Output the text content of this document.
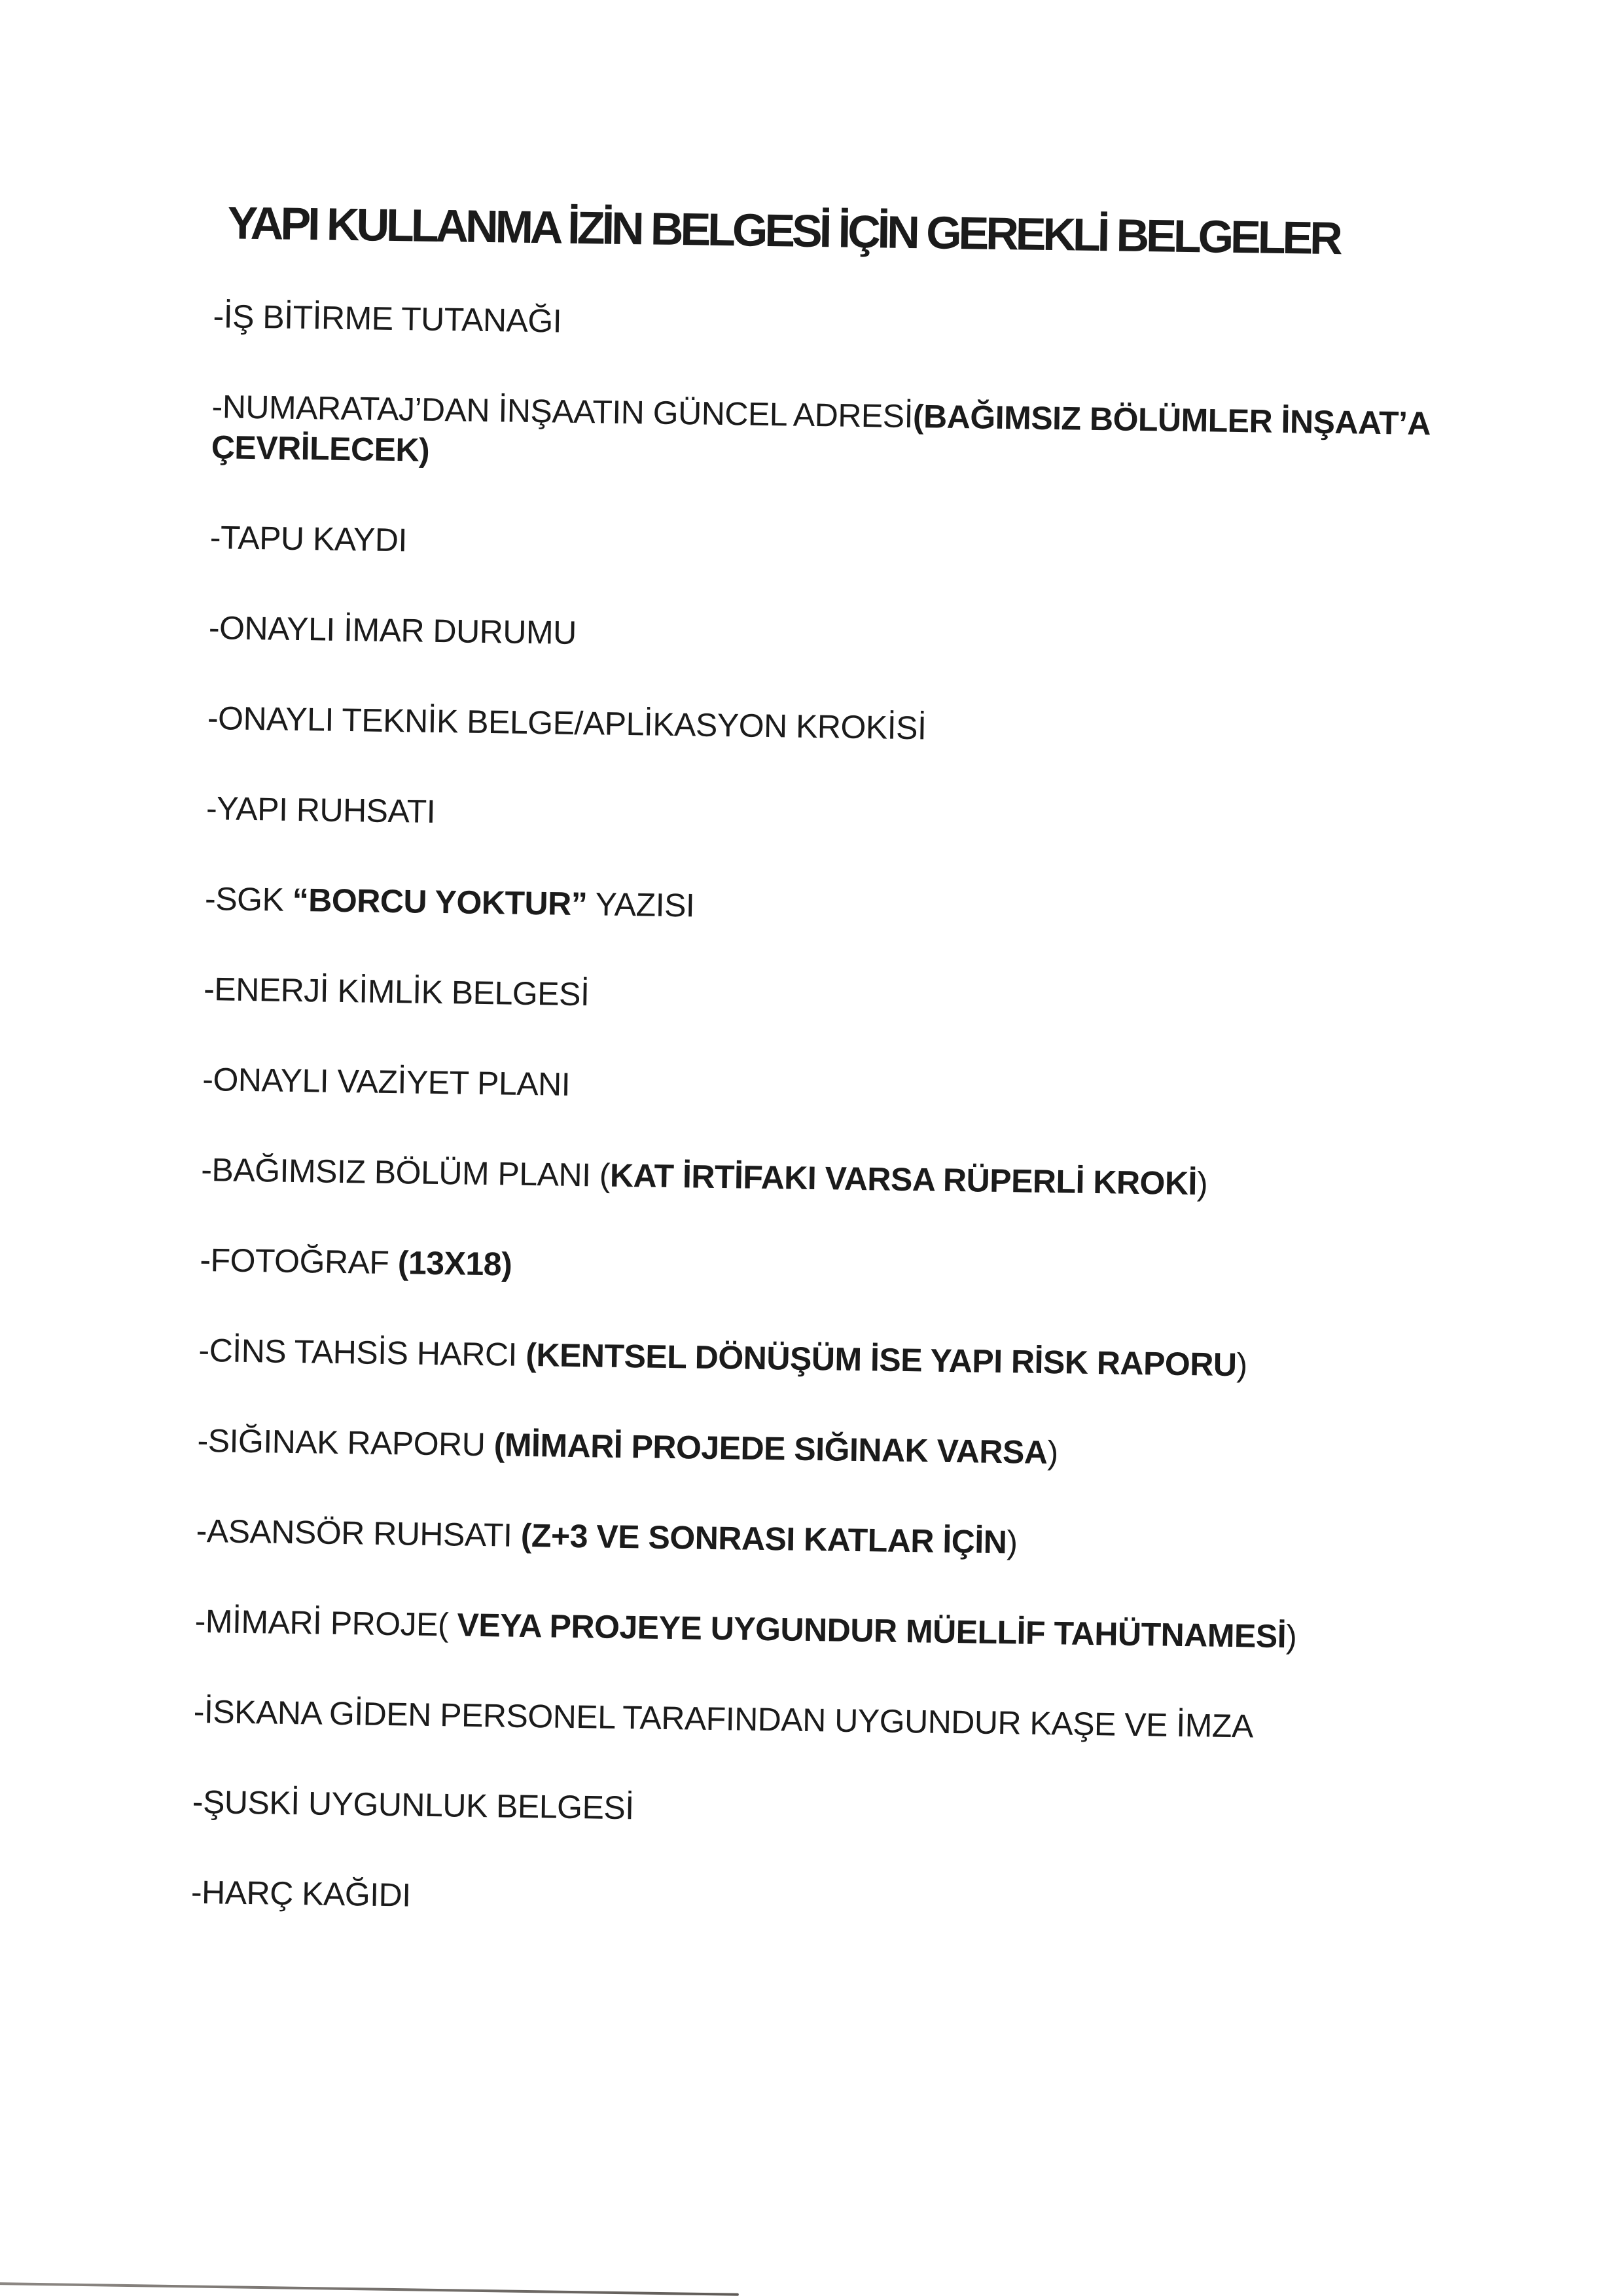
YAPI KULLANMA İZİN BELGESİ İÇİN GEREKLİ BELGELER
-İŞ BİTİRME TUTANAĞI
-NUMARATAJ’DAN İNŞAATIN GÜNCEL ADRESİ(BAĞIMSIZ BÖLÜMLER İNŞAAT’A
ÇEVRİLECEK)
-TAPU KAYDI
-ONAYLI İMAR DURUMU
-ONAYLI TEKNİK BELGE/APLİKASYON KROKİSİ
-YAPI RUHSATI
-SGK “BORCU YOKTUR” YAZISI
-ENERJİ KİMLİK BELGESİ
-ONAYLI VAZİYET PLANI
-BAĞIMSIZ BÖLÜM PLANI (KAT İRTİFAKI VARSA RÜPERLİ KROKİ)
-FOTOĞRAF (13X18)
-CİNS TAHSİS HARCI (KENTSEL DÖNÜŞÜM İSE YAPI RİSK RAPORU)
-SIĞINAK RAPORU (MİMARİ PROJEDE SIĞINAK VARSA)
-ASANSÖR RUHSATI (Z+3 VE SONRASI KATLAR İÇİN)
-MİMARİ PROJE( VEYA PROJEYE UYGUNDUR MÜELLİF TAHÜTNAMESİ)
-İSKANA GİDEN PERSONEL TARAFINDAN UYGUNDUR KAŞE VE İMZA
-ŞUSKİ UYGUNLUK BELGESİ
-HARÇ KAĞIDI
